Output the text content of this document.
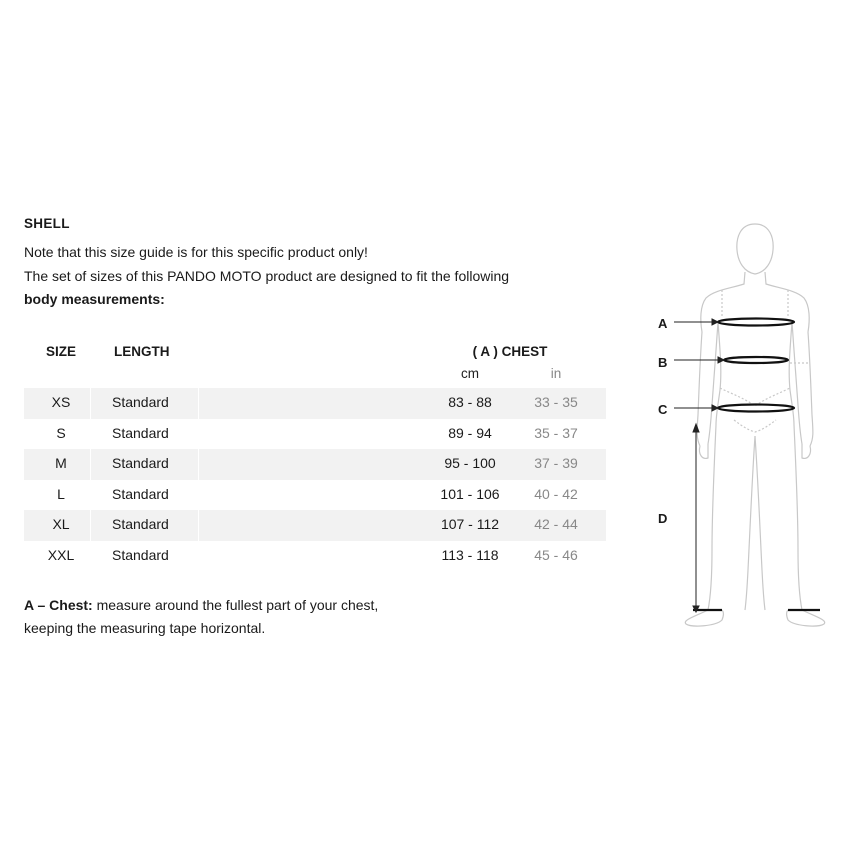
SHELL
Note that this size guide is for this specific product only!
The set of sizes of this PANDO MOTO product are designed to fit the following
body measurements:
SIZE	LENGTH	( A ) CHEST
cm	in
XS	Standard	83 - 88	33 - 35
S	Standard	89 - 94	35 - 37
M	Standard	95 - 100	37 - 39
L	Standard	101 - 106	40 - 42
XL	Standard	107 - 112	42 - 44
XXL	Standard	113 - 118	45 - 46
A – Chest: measure around the fullest part of your chest,
keeping the measuring tape horizontal.
A
B
C
D
